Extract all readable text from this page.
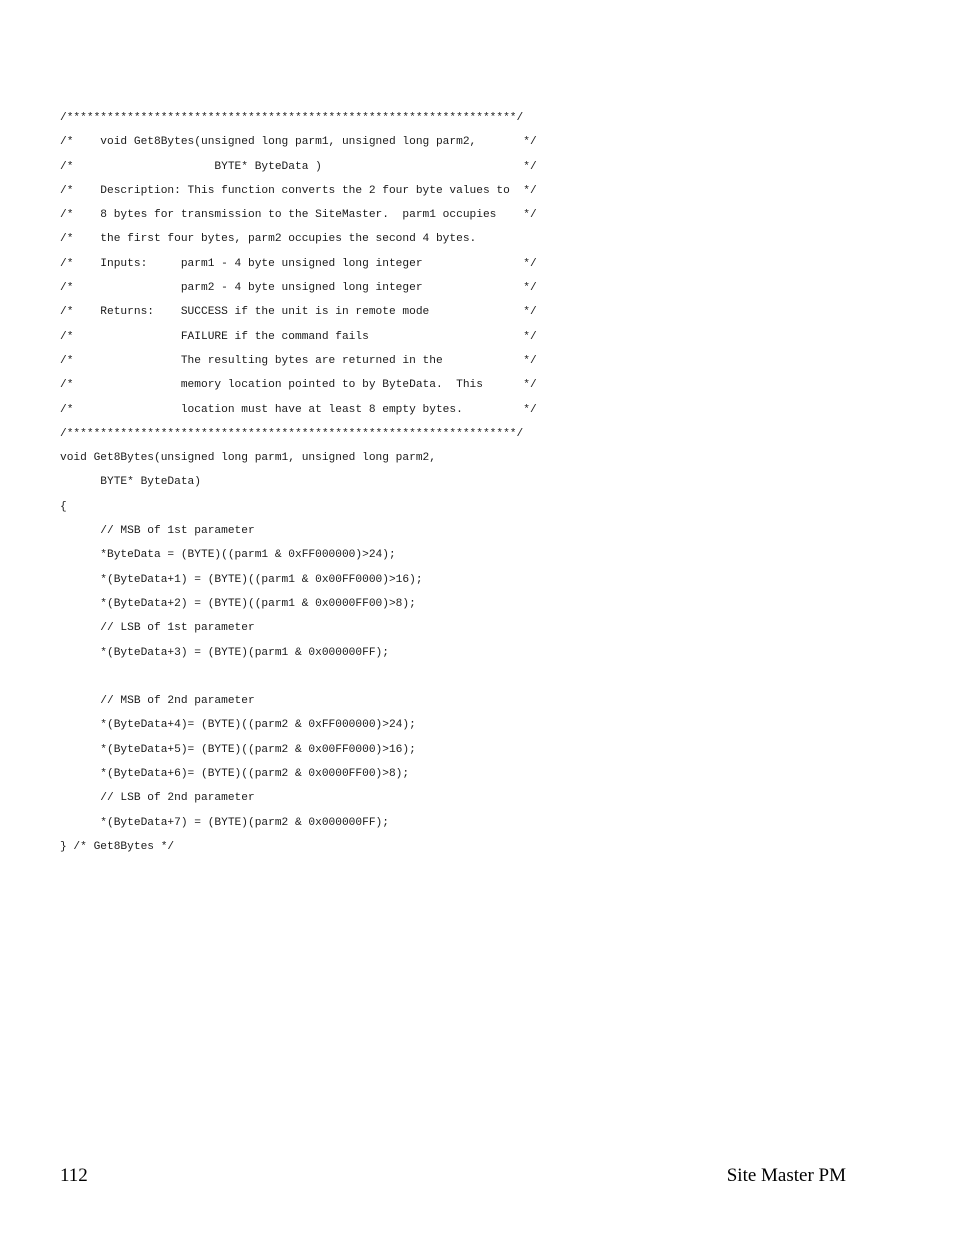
/*******************************************************************/
/*    void Get8Bytes(unsigned long parm1, unsigned long parm2,       */
/*                     BYTE* ByteData )                              */
/*    Description: This function converts the 2 four byte values to  */
/*    8 bytes for transmission to the SiteMaster.  parm1 occupies    */
/*    the first four bytes, parm2 occupies the second 4 bytes.
/*    Inputs:     parm1 - 4 byte unsigned long integer               */
/*                parm2 - 4 byte unsigned long integer               */
/*    Returns:    SUCCESS if the unit is in remote mode              */
/*                FAILURE if the command fails                       */
/*                The resulting bytes are returned in the            */
/*                memory location pointed to by ByteData.  This      */
/*                location must have at least 8 empty bytes.         */
/*******************************************************************/
void Get8Bytes(unsigned long parm1, unsigned long parm2,
BYTE* ByteData)
{
// MSB of 1st parameter
*ByteData = (BYTE)((parm1 & 0xFF000000)>24);
*(ByteData+1) = (BYTE)((parm1 & 0x00FF0000)>16);
*(ByteData+2) = (BYTE)((parm1 & 0x0000FF00)>8);
// LSB of 1st parameter
*(ByteData+3) = (BYTE)(parm1 & 0x000000FF);
// MSB of 2nd parameter
*(ByteData+4)= (BYTE)((parm2 & 0xFF000000)>24);
*(ByteData+5)= (BYTE)((parm2 & 0x00FF0000)>16);
*(ByteData+6)= (BYTE)((parm2 & 0x0000FF00)>8);
// LSB of 2nd parameter
*(ByteData+7) = (BYTE)(parm2 & 0x000000FF);
} /* Get8Bytes */
112	Site Master PM
